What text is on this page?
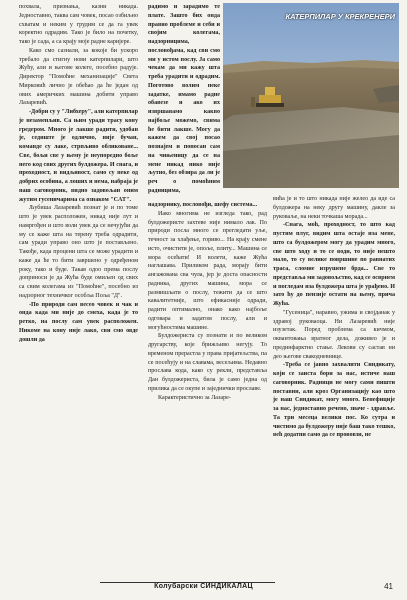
КАТЕРПИЛАР У КРЕКРЕНЕРИ

похвала, признања, казни никада. Једноставно, таква сам човек, посао озбиљно схватам и неким у грудим се да га увек коректно одрадим. Тако је било на почетку, тако је сада, а са крају моје радне каријере.

Како смо сазнали, за кокоје би ускоро требало да стигну нови катерпилари, што Жућу, али и његове колеге, посебно радује. Директор "Помоћне механизације" Света Мирковић лично је обећао да ће један од ових америчких машина добити управо Лазаревић.

-Добри су у "Либхеру", али катерпилар је незаменљив. Са њим уради трасу кону гредером. Много је лакше радити, удобан је, седиште је одлично, није бучан, команде су лаке, стрпљиво обликоване... Све, бољи све у њему је неупоредно боље него код свих других булдожера. И снага, и проходност, и видљивост, само су неке од добрих особина, а лоших и нема, набраја је наш саговорник, видно задовољан оним жутим гусеничарима са ознаком "CAT".

Љубиша Лазаревић познат је и по томе што је увек расположен, никад није лут и намргођен и што воли увек да се нечујући да му се каже шта на терену треба одрадити, сам уради управо оно што је постављено. Такође, када процени шта се може урадити и каже да ће то бити завршено у одређеном року, тако и буде. Такав одоо према послу доприноси је да Жућа буде омиљен од свих са свим колегама из "Помоћне", посебно из надзорног техничког особља Поља "Д".

-По природи сам весео човек и чак и онда када ми није до смеха, када је то ретко, на послу сам увек расположен. Никоме на кону није лако, сви смо овде дошли да

радимо и зарадимо те плате. Зашто бих онда правио проблеме и себи и својим колегама, надзорницима, пословођама, кад сви смо ми у истом послу. Ја само чекам да ми кажу шта треба урадити и одрадим. Поготово волим неке задатке, имамо радне обавезе и ако их извршавамо какво најбоље можемо, свима ће бити лакше. Могу да кажем да свој посао познајем и поносан сам на чињеницу да се на мене никад нико није љутио, без обзира да ли је реч о помоћним радницима,

надзорнику, пословођи, шефу система...

Иако многима не изгледа тако, рад булдожеристе захтеве није нимало лак. По природи посла много се прегледати уље, течност за хлађење, гориво... На крају смене исто, очистити је, опоље, плиту... Машина се мора осећати! И волети, каже Жућа наглашава. Приликом рада, морају бити ангажована сва чула, јер је доста опасности радника, других машина, мора се размишљати о послу, тежити да се што кавалитетније, што ефикасније одради, радити оптимално, онако како најбоље одговара и задатом послу, али и могућностима машине.

Булдожериста су познати и по великом другарству, које брижљиво негују. То временом прерастла у права пријатељства, па се посећују и на славама, весељима. Недавно прослава кода, како су рекли, представља Дан булдожериста, била је само једна од прилика да се окупе и заједнички прославе.

Карактеристично за Лазаре-

вића је и то што никада није желео да иде са булдожера на неку другу машину, дакле за руковаље, на неки точкаша морада...

-Снага, моћ, проходност, то што кад пустим плуг, видим шта остаје иза мене, што са булдожером могу да урадим много, све што ходу и то се води, то није нешто мало, то су велике површине по равнатих траса, сломие изрушене брда... Све то представља ми задовољство, кад се осврнем и погледам иза булдожера шта је урађено. И зато ћу до пензије остати на њему, прича Жућа.

"Гусеница", наравно, ужима и својданак у здравој руковаоца. Ни Лазаревић није изузетак. Поред проблема са кичмом, оквантовања вратног дела, доживео је и прединфарктно стање. Лекови су састав ни део његове свакодневнице.

-Треба се јавно захвалити Синдикату, који се заиста бори за нас, истиче наш саговорник. Радници не могу сами пишти поставни, али кроз Организацију као што је наш Синдикат, могу много. Бенефиције за нас, једноставно речено, значе - здравље. Та три месеца велики пос. Ко сутра и чистимо да булдожеру није баш тако тешко, већ додатни само да се прововзи, не

Колубарски СИНДИКАЛАЦ	41
